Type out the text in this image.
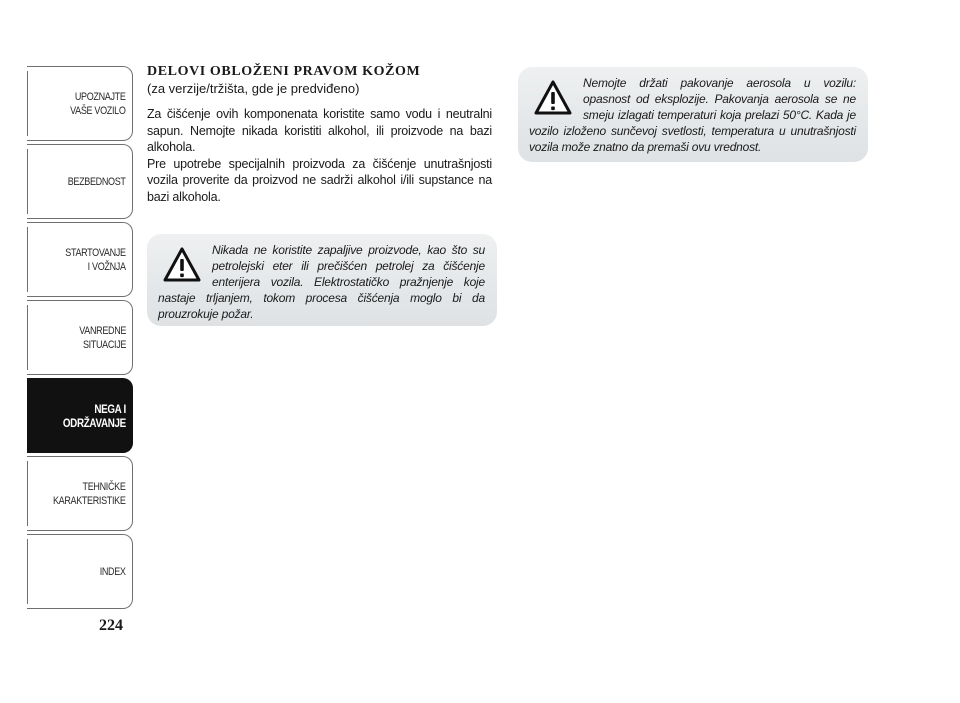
UPOZNAJTE
VAŠE VOZILO
BEZBEDNOST
STARTOVANJE
I VOŽNJA
VANREDNE
SITUACIJE
NEGA I
ODRŽAVANJE
TEHNIČKE
KARAKTERISTIKE
INDEX
224
DELOVI OBLOŽENI PRAVOM KOŽOM

(za verzije/tržišta, gde je predviđeno)

Za čišćenje ovih komponenata koristite samo vodu i neutralni sapun. Nemojte nikada koristiti alkohol, ili proizvode na bazi alkohola.

Pre upotrebe specijalnih proizvoda za čišćenje unutrašnjosti vozila proverite da proizvod ne sadrži alkohol i/ili supstance na bazi alkohola.

Nikada ne koristite zapaljive proizvode, kao što su petrolejski eter ili prečišćen petrolej za čišćenje enterijera vozila. Elektrostatičko pražnjenje koje nastaje trljanjem, tokom procesa čišćenja moglo bi da prouzrokuje požar.

Nemojte držati pakovanje aerosola u vozilu: opasnost od eksplozije. Pakovanja aerosola se ne smeju izlagati temperaturi koja prelazi 50°C. Kada je vozilo izloženo sunčevoj svetlosti, temperatura u unutrašnjosti vozila može znatno da premaši ovu vrednost.
